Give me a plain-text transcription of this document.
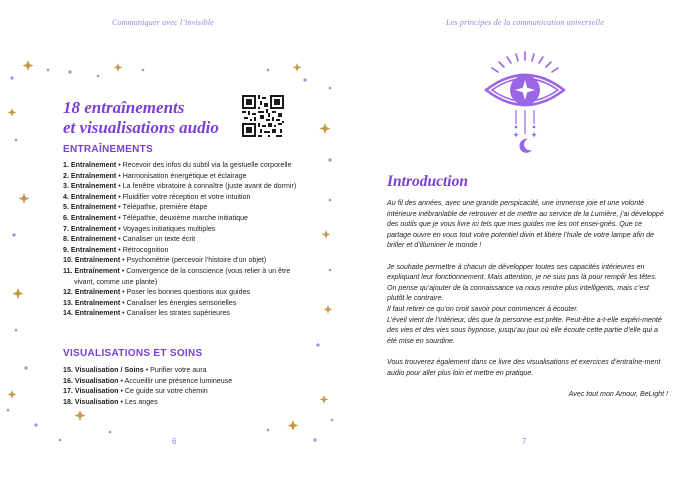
Communiquer avec l’invisible
18 entraînements
et visualisations audio
ENTRAÎNEMENTS
1. Entraînement • Recevoir des infos du subtil via la gestuelle corporelle
2. Entraînement • Harmonisation énergétique et éclairage
3. Entraînement • La fenêtre vibratoire à connaître (juste avant de dormir)
4. Entraînement • Fluidifier votre réception et votre intuition
5. Entraînement • Télépathie, première étape
6. Entraînement • Télépathie, deuxième marche initiatique
7. Entraînement • Voyages initiatiques multiples
8. Entraînement • Canaliser un texte écrit
9. Entraînement • Rétrocognition
10. Entraînement • Psychométrie (percevoir l’histoire d’un objet)
11. Entraînement • Convergence de la conscience (vous relier à un être vivant, comme une plante)
12. Entraînement • Poser les bonnes questions aux guides
13. Entraînement • Canaliser les énergies sensorielles
14. Entraînement • Canaliser les strates supérieures
VISUALISATIONS ET SOINS
15. Visualisation / Soins • Purifier votre aura
16. Visualisation • Accueillir une présence lumineuse
17. Visualisation • Ce guide sur votre chemin
18. Visualisation • Les anges
6
Les principes de la communication universelle
Introduction

Au fil des années, avec une grande perspicacité, une immense joie et une volonté intérieure inébranlable de retrouver et de mettre au service de la Lumière, j’ai développé des outils que je vous livre ici tels que mes guides me les ont ensei-gnés. Que ce partage ouvre en vous tout votre potentiel divin et libère l’huile de votre lampe afin de briller et d’illuminer le monde !

Je souhaite permettre à chacun de développer toutes ses capacités intérieures en expliquant leur fonctionnement. Mais attention, je ne suis pas là pour remplir les têtes. On pense qu’ajouter de la connaissance va nous rendre plus intelligents, mais c’est plutôt le contraire.

Il faut retirer ce qu’on croit savoir pour commencer à écouter.

L’éveil vient de l’intérieur, dès que la personne est prête. Peut-être a-t-elle expéri-menté des vies et des vies sous hypnose, jusqu’au jour où elle écoute cette partie d’elle qui a été mise en sourdine.

Vous trouverez également dans ce livre des visualisations et exercices d’entraîne-ment audio pour aller plus loin et mettre en pratique.

Avec tout mon Amour, BeLight !

7
